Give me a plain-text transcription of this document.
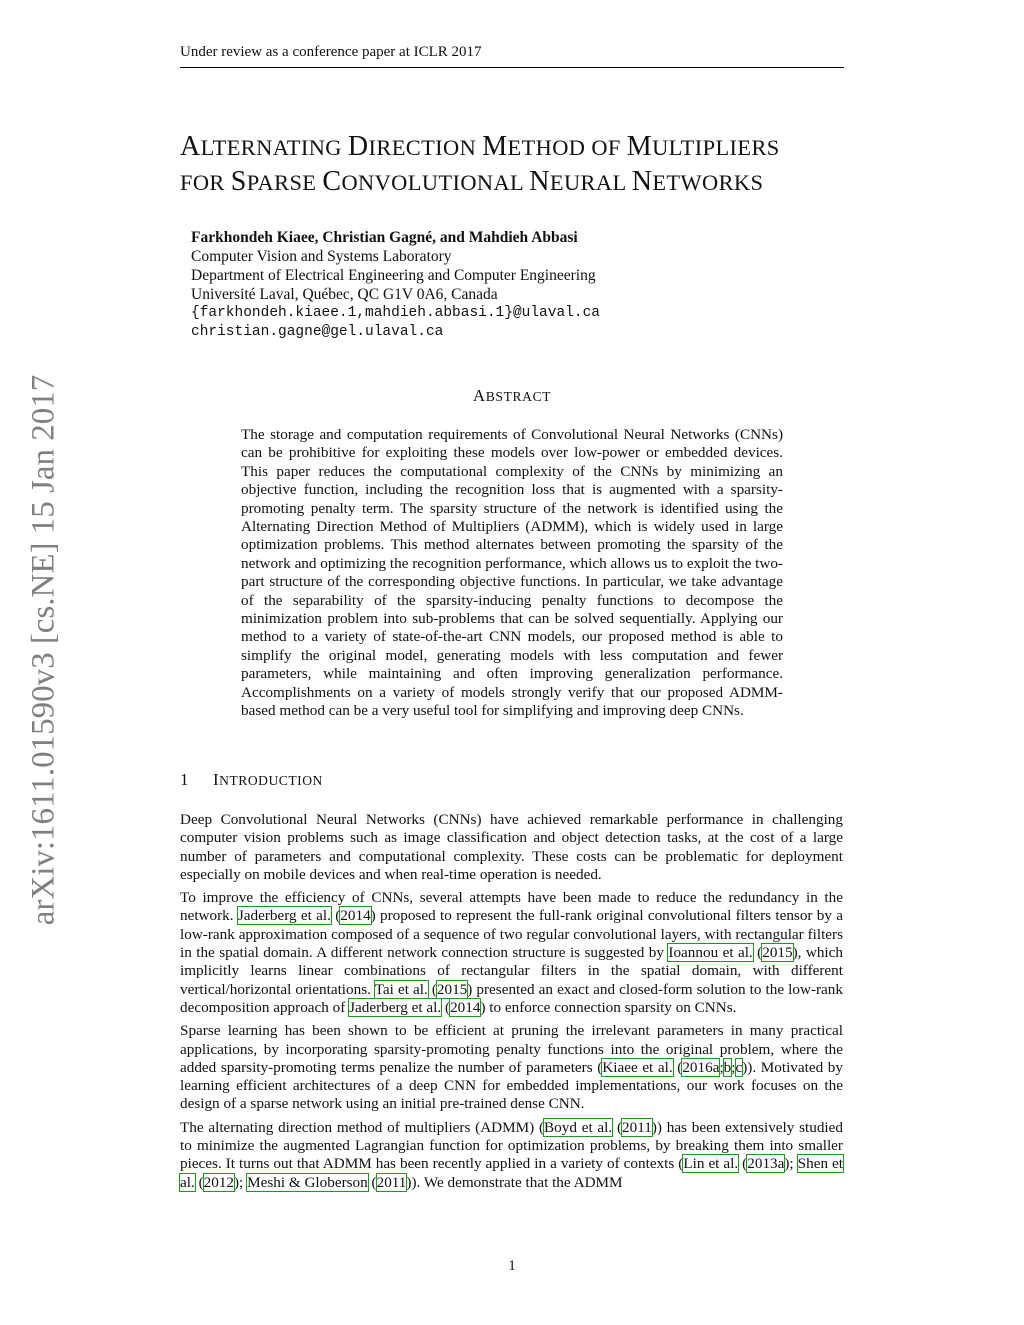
Under review as a conference paper at ICLR 2017
arXiv:1611.01590v3 [cs.NE] 15 Jan 2017
ALTERNATING DIRECTION METHOD OF MULTIPLIERS
FOR SPARSE CONVOLUTIONAL NEURAL NETWORKS
Farkhondeh Kiaee, Christian Gagné, and Mahdieh Abbasi
Computer Vision and Systems Laboratory
Department of Electrical Engineering and Computer Engineering
Université Laval, Québec, QC G1V 0A6, Canada
{farkhondeh.kiaee.1,mahdieh.abbasi.1}@ulaval.ca
christian.gagne@gel.ulaval.ca
ABSTRACT

The storage and computation requirements of Convolutional Neural Networks (CNNs) can be prohibitive for exploiting these models over low-power or embedded devices. This paper reduces the computational complexity of the CNNs by minimizing an objective function, including the recognition loss that is augmented with a sparsity-promoting penalty term. The sparsity structure of the network is identified using the Alternating Direction Method of Multipliers (ADMM), which is widely used in large optimization problems. This method alternates between promoting the sparsity of the network and optimizing the recognition performance, which allows us to exploit the two-part structure of the corresponding objective functions. In particular, we take advantage of the separability of the sparsity-inducing penalty functions to decompose the minimization problem into sub-problems that can be solved sequentially. Applying our method to a variety of state-of-the-art CNN models, our proposed method is able to simplify the original model, generating models with less computation and fewer parameters, while maintaining and often improving generalization performance. Accomplishments on a variety of models strongly verify that our proposed ADMM-based method can be a very useful tool for simplifying and improving deep CNNs.

1 INTRODUCTION

Deep Convolutional Neural Networks (CNNs) have achieved remarkable performance in challenging computer vision problems such as image classification and object detection tasks, at the cost of a large number of parameters and computational complexity. These costs can be problematic for deployment especially on mobile devices and when real-time operation is needed.

To improve the efficiency of CNNs, several attempts have been made to reduce the redundancy in the network. Jaderberg et al. (2014) proposed to represent the full-rank original convolutional filters tensor by a low-rank approximation composed of a sequence of two regular convolutional layers, with rectangular filters in the spatial domain. A different network connection structure is suggested by Ioannou et al. (2015), which implicitly learns linear combinations of rectangular filters in the spatial domain, with different vertical/horizontal orientations. Tai et al. (2015) presented an exact and closed-form solution to the low-rank decomposition approach of Jaderberg et al. (2014) to enforce connection sparsity on CNNs.

Sparse learning has been shown to be efficient at pruning the irrelevant parameters in many practical applications, by incorporating sparsity-promoting penalty functions into the original problem, where the added sparsity-promoting terms penalize the number of parameters (Kiaee et al. (2016a;b;c)). Motivated by learning efficient architectures of a deep CNN for embedded implementations, our work focuses on the design of a sparse network using an initial pre-trained dense CNN.

The alternating direction method of multipliers (ADMM) (Boyd et al. (2011)) has been extensively studied to minimize the augmented Lagrangian function for optimization problems, by breaking them into smaller pieces. It turns out that ADMM has been recently applied in a variety of contexts (Lin et al. (2013a); Shen et al. (2012); Meshi & Globerson (2011)). We demonstrate that the ADMM

1
